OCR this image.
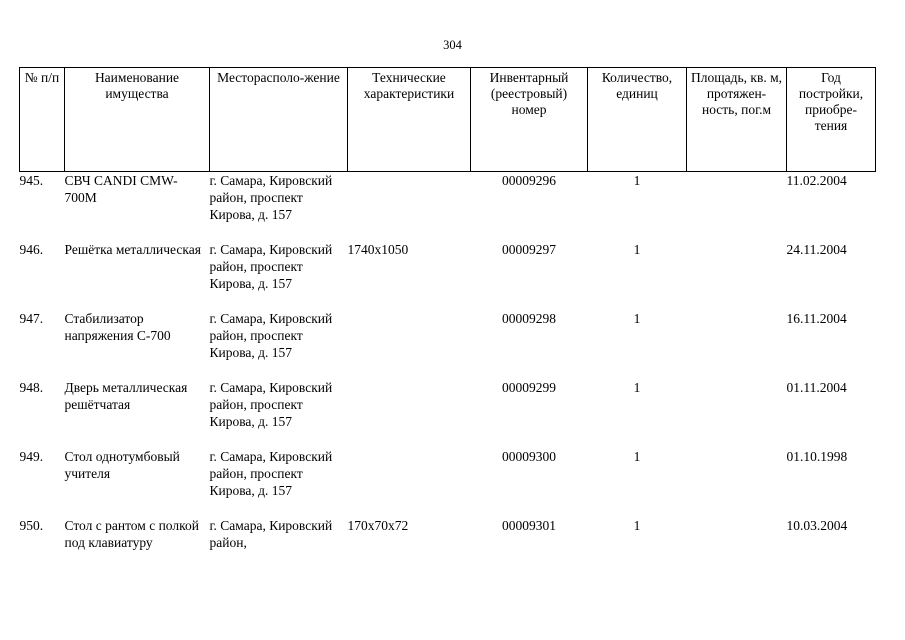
304
№ п/п	Наименование имущества	Месторасполо-жение	Технические характеристики	Инвентарный (реестровый) номер	Количество, единиц	Площадь, кв. м, протяжен-ность, пог.м	Год постройки, приобре-тения
945.	СВЧ CANDI CMW-700M	г. Самара, Кировский район, проспект Кирова, д. 157		00009296	1		11.02.2004
946.	Решётка металлическая	г. Самара, Кировский район, проспект Кирова, д. 157	1740x1050	00009297	1		24.11.2004
947.	Стабилизатор напряжения С-700	г. Самара, Кировский район, проспект Кирова, д. 157		00009298	1		16.11.2004
948.	Дверь металлическая решётчатая	г. Самара, Кировский район, проспект Кирова, д. 157		00009299	1		01.11.2004
949.	Стол однотумбовый учителя	г. Самара, Кировский район, проспект Кирова, д. 157		00009300	1		01.10.1998
950.	Стол с рантом с полкой под клавиатуру	г. Самара, Кировский район,	170x70x72	00009301	1		10.03.2004
